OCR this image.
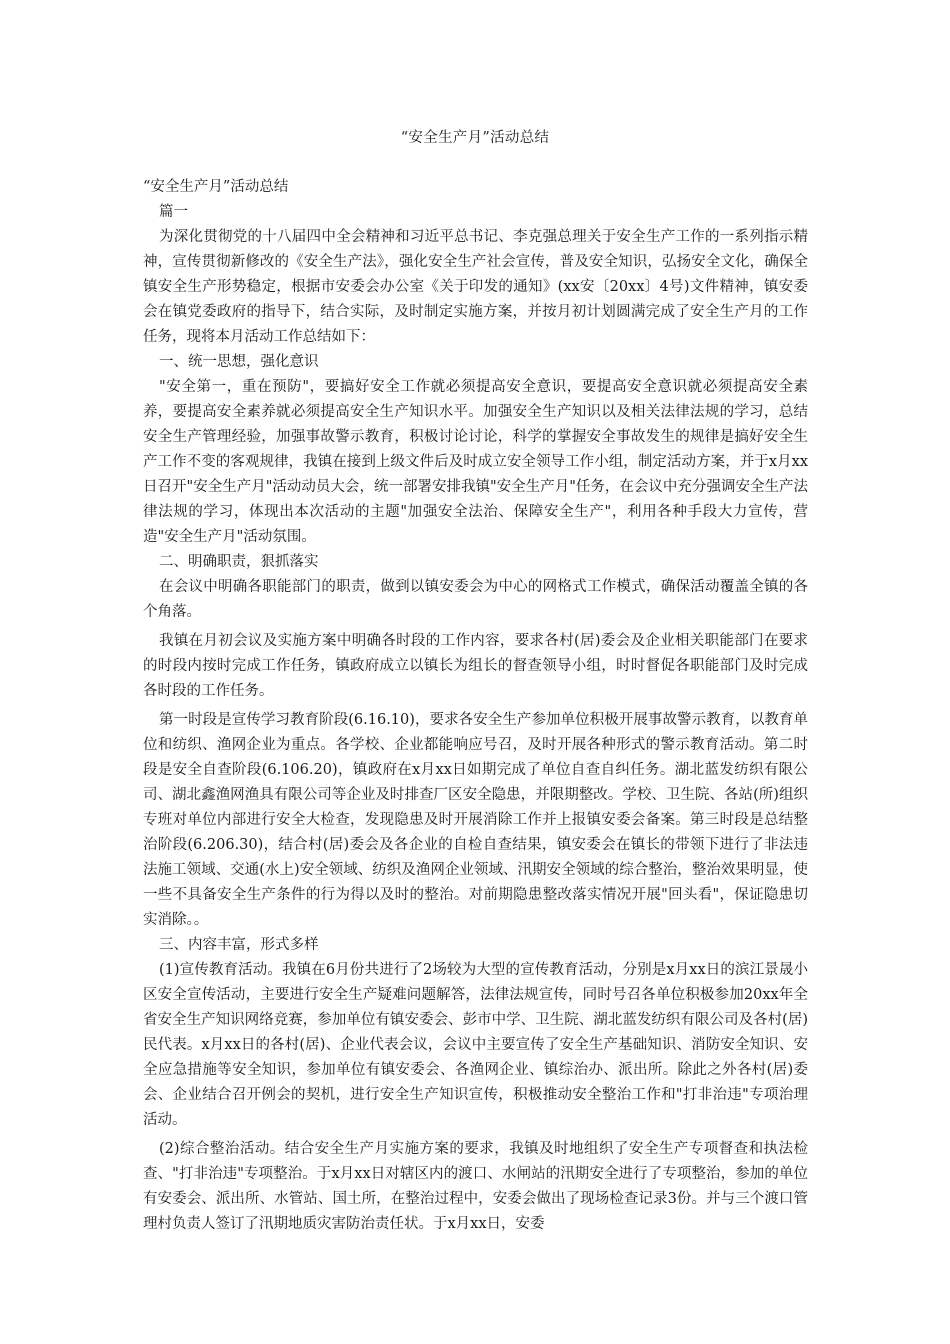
“安全生产月”活动总结

“安全生产月”活动总结

篇一

为深化贯彻党的十八届四中全会精神和习近平总书记、李克强总理关于安全生产工作的一系列指示精神，宣传贯彻新修改的《安全生产法》，强化安全生产社会宣传，普及安全知识，弘扬安全文化，确保全镇安全生产形势稳定，根据市安委会办公室《关于印发的通知》(xx安〔20xx〕4号)文件精神，镇安委会在镇党委政府的指导下，结合实际，及时制定实施方案，并按月初计划圆满完成了安全生产月的工作任务，现将本月活动工作总结如下：

一、统一思想，强化意识

"安全第一，重在预防"，要搞好安全工作就必须提高安全意识，要提高安全意识就必须提高安全素养，要提高安全素养就必须提高安全生产知识水平。加强安全生产知识以及相关法律法规的学习，总结安全生产管理经验，加强事故警示教育，积极讨论讨论，科学的掌握安全事故发生的规律是搞好安全生产工作不变的客观规律，我镇在接到上级文件后及时成立安全领导工作小组，制定活动方案，并于x月xx日召开"安全生产月"活动动员大会，统一部署安排我镇"安全生产月"任务，在会议中充分强调安全生产法律法规的学习，体现出本次活动的主题"加强安全法治、保障安全生产"，利用各种手段大力宣传，营造"安全生产月"活动氛围。

二、明确职责，狠抓落实

在会议中明确各职能部门的职责，做到以镇安委会为中心的网格式工作模式，确保活动覆盖全镇的各个角落。

我镇在月初会议及实施方案中明确各时段的工作内容，要求各村(居)委会及企业相关职能部门在要求的时段内按时完成工作任务，镇政府成立以镇长为组长的督查领导小组，时时督促各职能部门及时完成各时段的工作任务。

第一时段是宣传学习教育阶段(6.16.10)，要求各安全生产参加单位积极开展事故警示教育，以教育单位和纺织、渔网企业为重点。各学校、企业都能响应号召，及时开展各种形式的警示教育活动。第二时段是安全自查阶段(6.106.20)，镇政府在x月xx日如期完成了单位自查自纠任务。湖北蓝发纺织有限公司、湖北鑫渔网渔具有限公司等企业及时排查厂区安全隐患，并限期整改。学校、卫生院、各站(所)组织专班对单位内部进行安全大检查，发现隐患及时开展消除工作并上报镇安委会备案。第三时段是总结整治阶段(6.206.30)，结合村(居)委会及各企业的自检自查结果，镇安委会在镇长的带领下进行了非法违法施工领域、交通(水上)安全领域、纺织及渔网企业领域、汛期安全领域的综合整治，整治效果明显，使一些不具备安全生产条件的行为得以及时的整治。对前期隐患整改落实情况开展"回头看"，保证隐患切实消除。。

三、内容丰富，形式多样

(1)宣传教育活动。我镇在6月份共进行了2场较为大型的宣传教育活动，分别是x月xx日的滨江景晟小区安全宣传活动，主要进行安全生产疑难问题解答，法律法规宣传，同时号召各单位积极参加20xx年全省安全生产知识网络竞赛，参加单位有镇安委会、彭市中学、卫生院、湖北蓝发纺织有限公司及各村(居)民代表。x月xx日的各村(居)、企业代表会议，会议中主要宣传了安全生产基础知识、消防安全知识、安全应急措施等安全知识，参加单位有镇安委会、各渔网企业、镇综治办、派出所。除此之外各村(居)委会、企业结合召开例会的契机，进行安全生产知识宣传，积极推动安全整治工作和"打非治违"专项治理活动。

(2)综合整治活动。结合安全生产月实施方案的要求，我镇及时地组织了安全生产专项督查和执法检查、"打非治违"专项整治。于x月xx日对辖区内的渡口、水闸站的汛期安全进行了专项整治，参加的单位有安委会、派出所、水管站、国土所，在整治过程中，安委会做出了现场检查记录3份。并与三个渡口管理村负责人签订了汛期地质灾害防治责任状。于x月xx日，安委
